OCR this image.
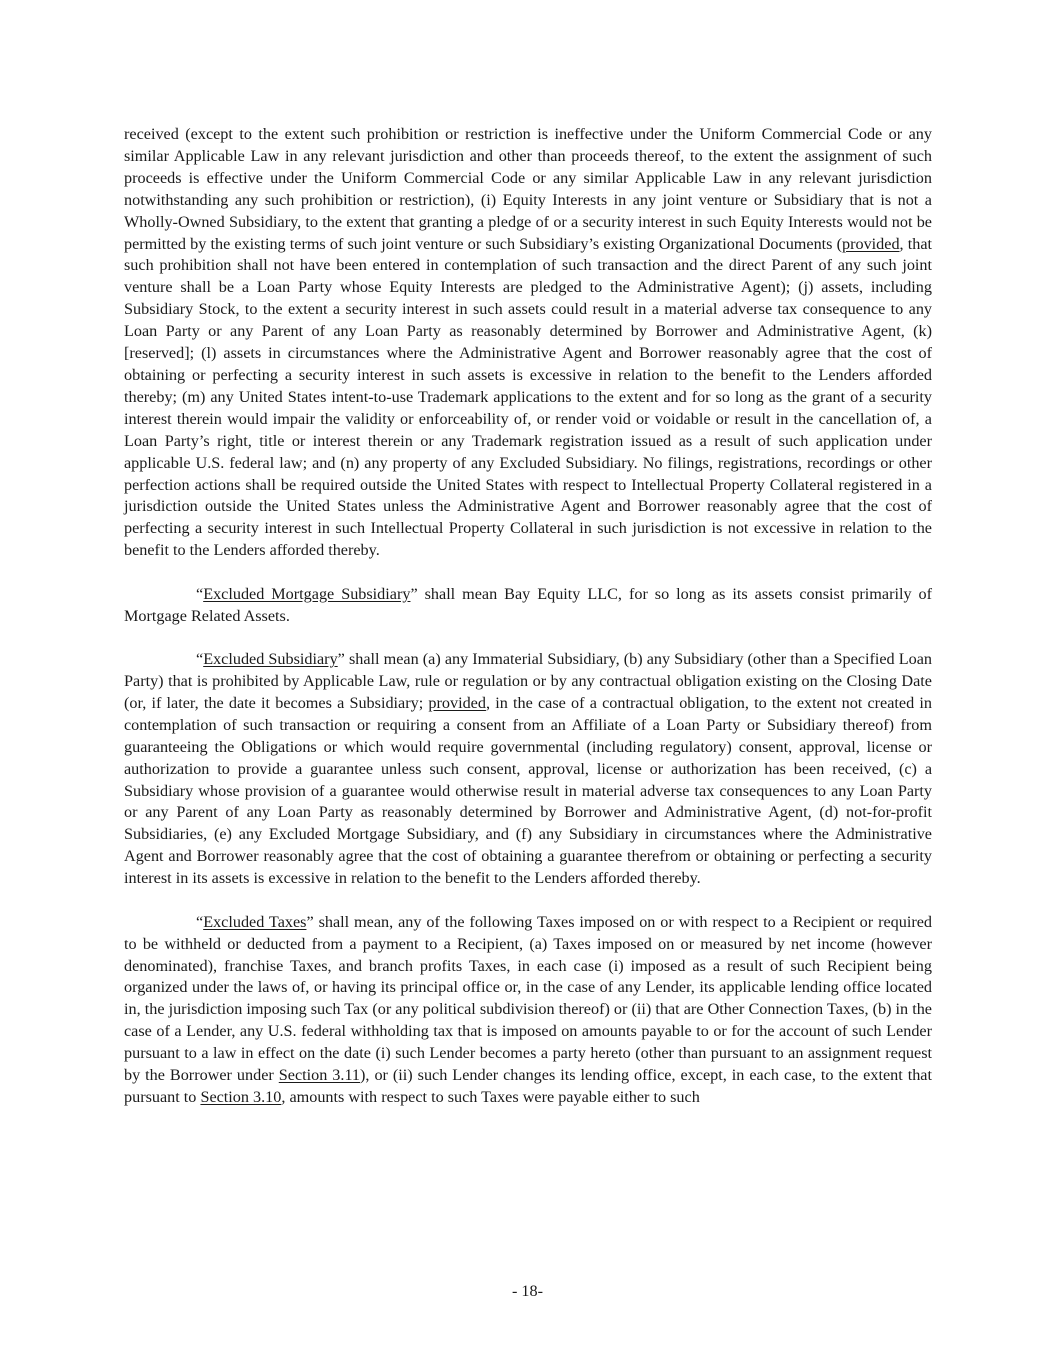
received (except to the extent such prohibition or restriction is ineffective under the Uniform Commercial Code or any similar Applicable Law in any relevant jurisdiction and other than proceeds thereof, to the extent the assignment of such proceeds is effective under the Uniform Commercial Code or any similar Applicable Law in any relevant jurisdiction notwithstanding any such prohibition or restriction), (i) Equity Interests in any joint venture or Subsidiary that is not a Wholly-Owned Subsidiary, to the extent that granting a pledge of or a security interest in such Equity Interests would not be permitted by the existing terms of such joint venture or such Subsidiary’s existing Organizational Documents (provided, that such prohibition shall not have been entered in contemplation of such transaction and the direct Parent of any such joint venture shall be a Loan Party whose Equity Interests are pledged to the Administrative Agent); (j) assets, including Subsidiary Stock, to the extent a security interest in such assets could result in a material adverse tax consequence to any Loan Party or any Parent of any Loan Party as reasonably determined by Borrower and Administrative Agent, (k) [reserved]; (l) assets in circumstances where the Administrative Agent and Borrower reasonably agree that the cost of obtaining or perfecting a security interest in such assets is excessive in relation to the benefit to the Lenders afforded thereby; (m) any United States intent-to-use Trademark applications to the extent and for so long as the grant of a security interest therein would impair the validity or enforceability of, or render void or voidable or result in the cancellation of, a Loan Party’s right, title or interest therein or any Trademark registration issued as a result of such application under applicable U.S. federal law; and (n) any property of any Excluded Subsidiary. No filings, registrations, recordings or other perfection actions shall be required outside the United States with respect to Intellectual Property Collateral registered in a jurisdiction outside the United States unless the Administrative Agent and Borrower reasonably agree that the cost of perfecting a security interest in such Intellectual Property Collateral in such jurisdiction is not excessive in relation to the benefit to the Lenders afforded thereby.

“Excluded Mortgage Subsidiary” shall mean Bay Equity LLC, for so long as its assets consist primarily of Mortgage Related Assets.

“Excluded Subsidiary” shall mean (a) any Immaterial Subsidiary, (b) any Subsidiary (other than a Specified Loan Party) that is prohibited by Applicable Law, rule or regulation or by any contractual obligation existing on the Closing Date (or, if later, the date it becomes a Subsidiary; provided, in the case of a contractual obligation, to the extent not created in contemplation of such transaction or requiring a consent from an Affiliate of a Loan Party or Subsidiary thereof) from guaranteeing the Obligations or which would require governmental (including regulatory) consent, approval, license or authorization to provide a guarantee unless such consent, approval, license or authorization has been received, (c) a Subsidiary whose provision of a guarantee would otherwise result in material adverse tax consequences to any Loan Party or any Parent of any Loan Party as reasonably determined by Borrower and Administrative Agent, (d) not-for-profit Subsidiaries, (e) any Excluded Mortgage Subsidiary, and (f) any Subsidiary in circumstances where the Administrative Agent and Borrower reasonably agree that the cost of obtaining a guarantee therefrom or obtaining or perfecting a security interest in its assets is excessive in relation to the benefit to the Lenders afforded thereby.

“Excluded Taxes” shall mean, any of the following Taxes imposed on or with respect to a Recipient or required to be withheld or deducted from a payment to a Recipient, (a) Taxes imposed on or measured by net income (however denominated), franchise Taxes, and branch profits Taxes, in each case (i) imposed as a result of such Recipient being organized under the laws of, or having its principal office or, in the case of any Lender, its applicable lending office located in, the jurisdiction imposing such Tax (or any political subdivision thereof) or (ii) that are Other Connection Taxes, (b) in the case of a Lender, any U.S. federal withholding tax that is imposed on amounts payable to or for the account of such Lender pursuant to a law in effect on the date (i) such Lender becomes a party hereto (other than pursuant to an assignment request by the Borrower under Section 3.11), or (ii) such Lender changes its lending office, except, in each case, to the extent that pursuant to Section 3.10, amounts with respect to such Taxes were payable either to such

- 18-
